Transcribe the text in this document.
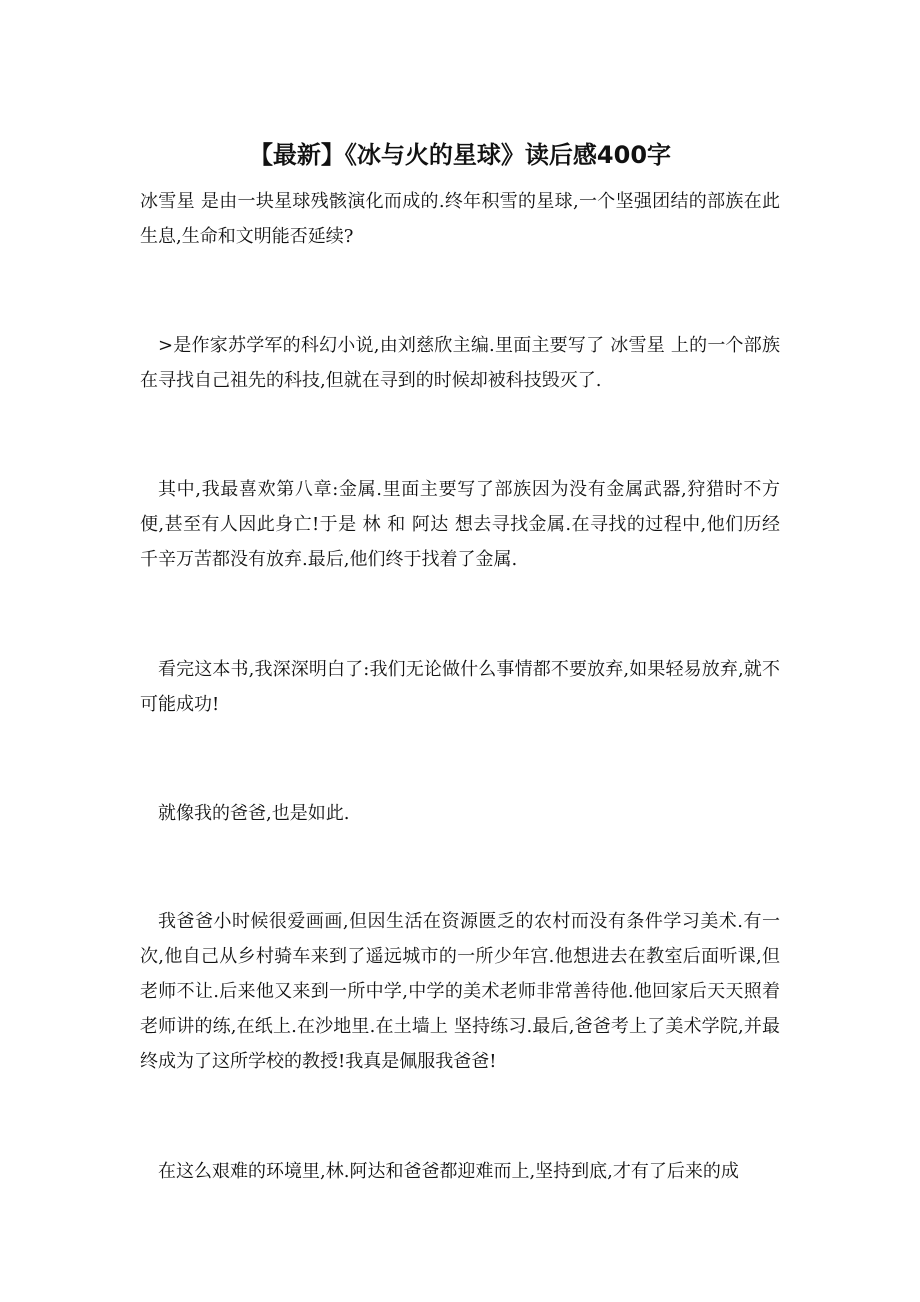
【最新】《冰与火的星球》读后感400字

冰雪星 是由一块星球残骸演化而成的.终年积雪的星球,一个坚强团结的部族在此生息,生命和文明能否延续?

>是作家苏学军的科幻小说,由刘慈欣主编.里面主要写了 冰雪星 上的一个部族在寻找自己祖先的科技,但就在寻到的时候却被科技毁灭了.

其中,我最喜欢第八章:金属.里面主要写了部族因为没有金属武器,狩猎时不方便,甚至有人因此身亡!于是 林 和 阿达 想去寻找金属.在寻找的过程中,他们历经千辛万苦都没有放弃.最后,他们终于找着了金属.

看完这本书,我深深明白了:我们无论做什么事情都不要放弃,如果轻易放弃,就不可能成功!

就像我的爸爸,也是如此.

我爸爸小时候很爱画画,但因生活在资源匮乏的农村而没有条件学习美术.有一次,他自己从乡村骑车来到了遥远城市的一所少年宫.他想进去在教室后面听课,但老师不让.后来他又来到一所中学,中学的美术老师非常善待他.他回家后天天照着老师讲的练,在纸上.在沙地里.在土墙上 坚持练习.最后,爸爸考上了美术学院,并最终成为了这所学校的教授!我真是佩服我爸爸!

在这么艰难的环境里,林.阿达和爸爸都迎难而上,坚持到底,才有了后来的成
